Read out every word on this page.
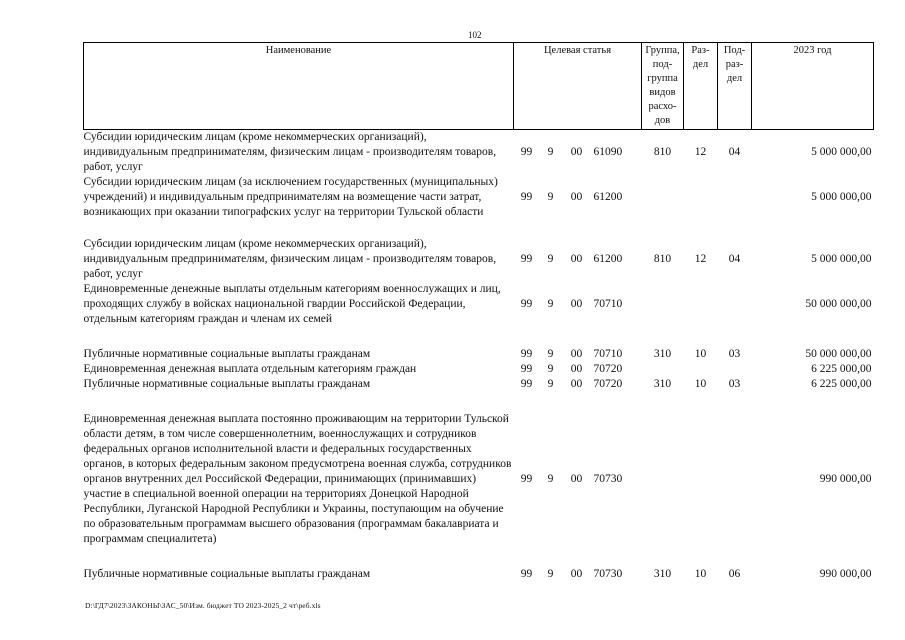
102
Наименование	Целевая статья				Группа, под-группа видов расхо-дов	Раз-дел	Под-раз-дел	2023 год
Субсидии юридическим лицам (кроме некоммерческих организаций), индивидуальным предпринимателям, физическим лицам - производителям товаров, работ, услуг	99	9	00	61090	810	12	04	5 000 000,00
Субсидии юридическим лицам (за исключением государственных (муниципальных) учреждений) и индивидуальным предпринимателям на возмещение части затрат, возникающих при оказании типографских услуг на территории Тульской области	99	9	00	61200				5 000 000,00
Субсидии юридическим лицам (кроме некоммерческих организаций), индивидуальным предпринимателям, физическим лицам - производителям товаров, работ, услуг	99	9	00	61200	810	12	04	5 000 000,00
Единовременные денежные выплаты отдельным категориям военнослужащих и лиц, проходящих службу в войсках национальной гвардии Российской Федерации, отдельным категориям граждан и членам их семей	99	9	00	70710				50 000 000,00
Публичные нормативные социальные выплаты гражданам	99	9	00	70710	310	10	03	50 000 000,00
Единовременная денежная выплата отдельным категориям граждан	99	9	00	70720				6 225 000,00
Публичные нормативные социальные выплаты гражданам	99	9	00	70720	310	10	03	6 225 000,00
Единовременная денежная выплата постоянно проживающим на территории Тульской области детям, в том числе совершеннолетним, военнослужащих и сотрудников федеральных органов исполнительной власти и федеральных государственных органов, в которых федеральным законом предусмотрена военная служба, сотрудников органов внутренних дел Российской Федерации, принимающих (принимавших) участие в специальной военной операции на территориях Донецкой Народной Республики, Луганской Народной Республики и Украины, поступающим на обучение по образовательным программам высшего образования (программам бакалавриата и программам специалитета)	99	9	00	70730				990 000,00
Публичные нормативные социальные выплаты гражданам	99	9	00	70730	310	10	06	990 000,00
D:\ГД7\2023\ЗАКОНЫ\ЗАС_50\Изм. бюджет ТО 2023-2025_2 чт\реб.xls
